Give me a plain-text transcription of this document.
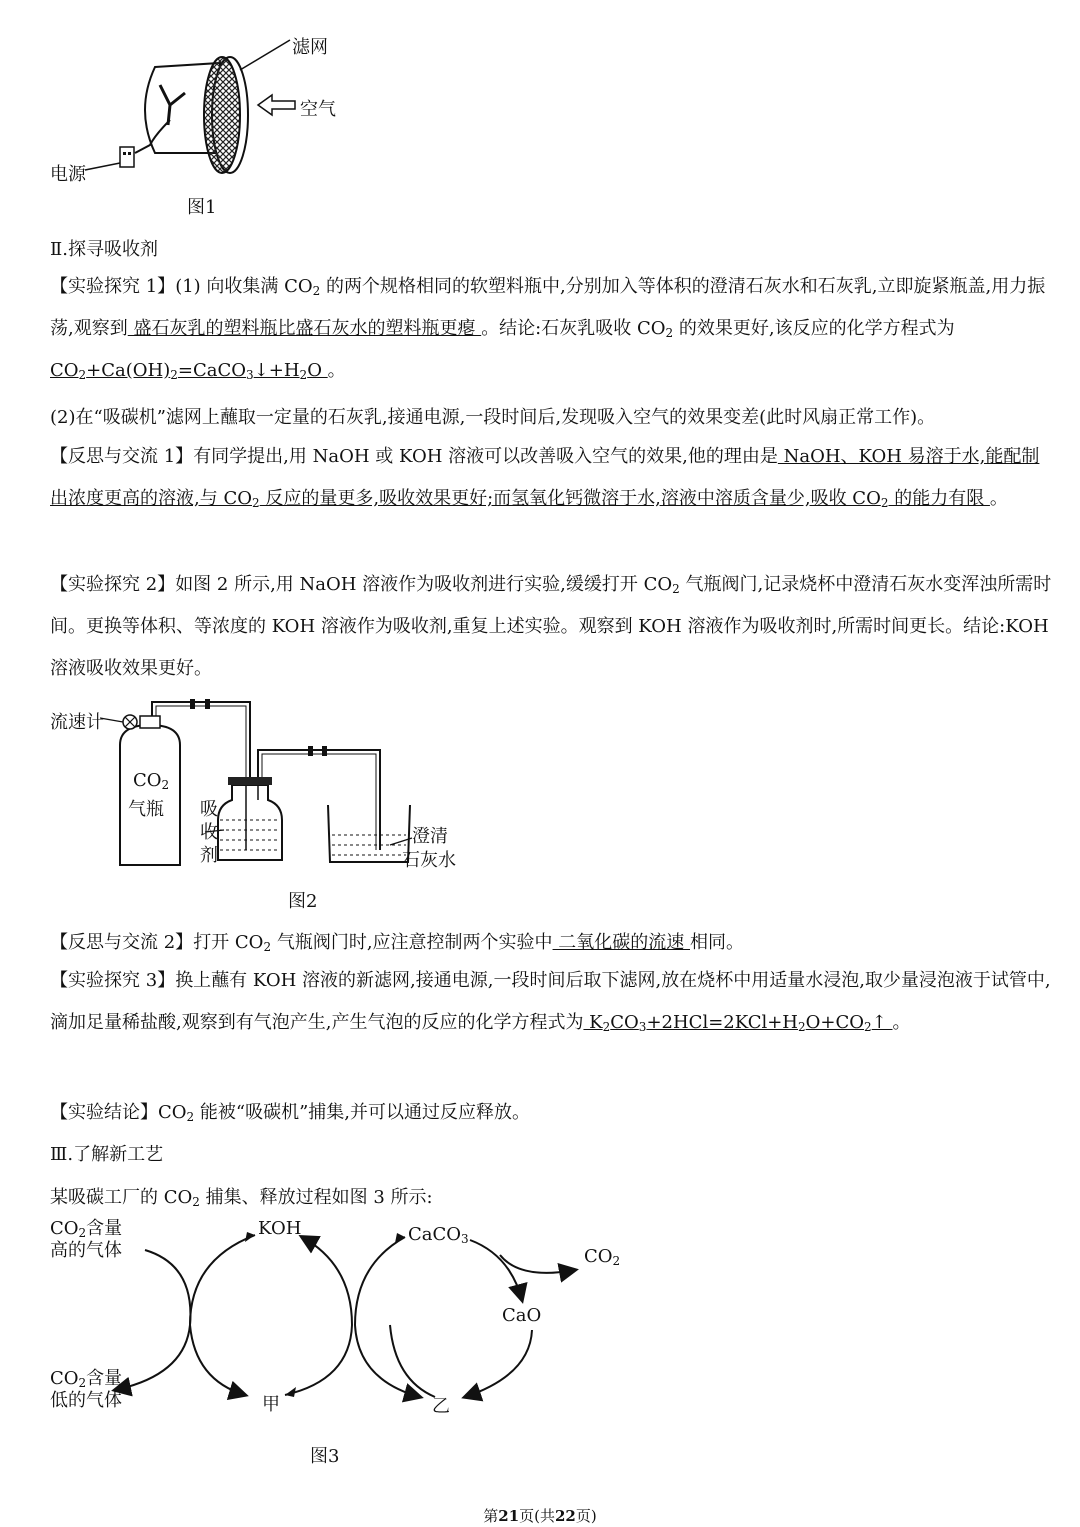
滤网
空气
电源
图1
Ⅱ.探寻吸收剂

【实验探究 1】(1) 向收集满 $CO_2$ 的两个规格相同的软塑料瓶中,分别加入等体积的澄清石灰水和石灰乳,立即旋紧瓶盖,用力振荡,观察到 盛石灰乳的塑料瓶比盛石灰水的塑料瓶更瘪 。结论:石灰乳吸收 $CO_2$ 的效果更好,该反应的化学方程式为 $CO_2+Ca(OH)_2=CaCO_3↓+H_2O$ 。

(2)在“吸碳机”滤网上蘸取一定量的石灰乳,接通电源,一段时间后,发现吸入空气的效果变差(此时风扇正常工作)。

【反思与交流 1】有同学提出,用 NaOH 或 KOH 溶液可以改善吸入空气的效果,他的理由是 NaOH、KOH 易溶于水,能配制出浓度更高的溶液,与 $CO_2$ 反应的量更多,吸收效果更好;而氢氧化钙微溶于水,溶液中溶质含量少,吸收 $CO_2$ 的能力有限 。

【实验探究 2】如图 2 所示,用 NaOH 溶液作为吸收剂进行实验,缓缓打开 $CO_2$ 气瓶阀门,记录烧杯中澄清石灰水变浑浊所需时间。更换等体积、等浓度的 KOH 溶液作为吸收剂,重复上述实验。观察到 KOH 溶液作为吸收剂时,所需时间更长。结论:KOH 溶液吸收效果更好。

流速计
$CO_2$
气瓶 吸
收
剂
澄清
石灰水
图2
【反思与交流 2】打开 $CO_2$ 气瓶阀门时,应注意控制两个实验中 二氧化碳的流速 相同。

【实验探究 3】换上蘸有 KOH 溶液的新滤网,接通电源,一段时间后取下滤网,放在烧杯中用适量水浸泡,取少量浸泡液于试管中,滴加足量稀盐酸,观察到有气泡产生,产生气泡的反应的化学方程式为 $K_2CO_3+2HCl=2KCl+H_2O+CO_2↑$ 。

【实验结论】$CO_2$ 能被“吸碳机”捕集,并可以通过反应释放。
Ⅲ.了解新工艺
某吸碳工厂的 $CO_2$ 捕集、释放过程如图 3 所示:
$CO_2$含量
高的气体
KOH	CaCO$_3$
$CO_2$
CaO
$CO_2$含量
低的气体	甲	乙
图3
第21页(共22页)
